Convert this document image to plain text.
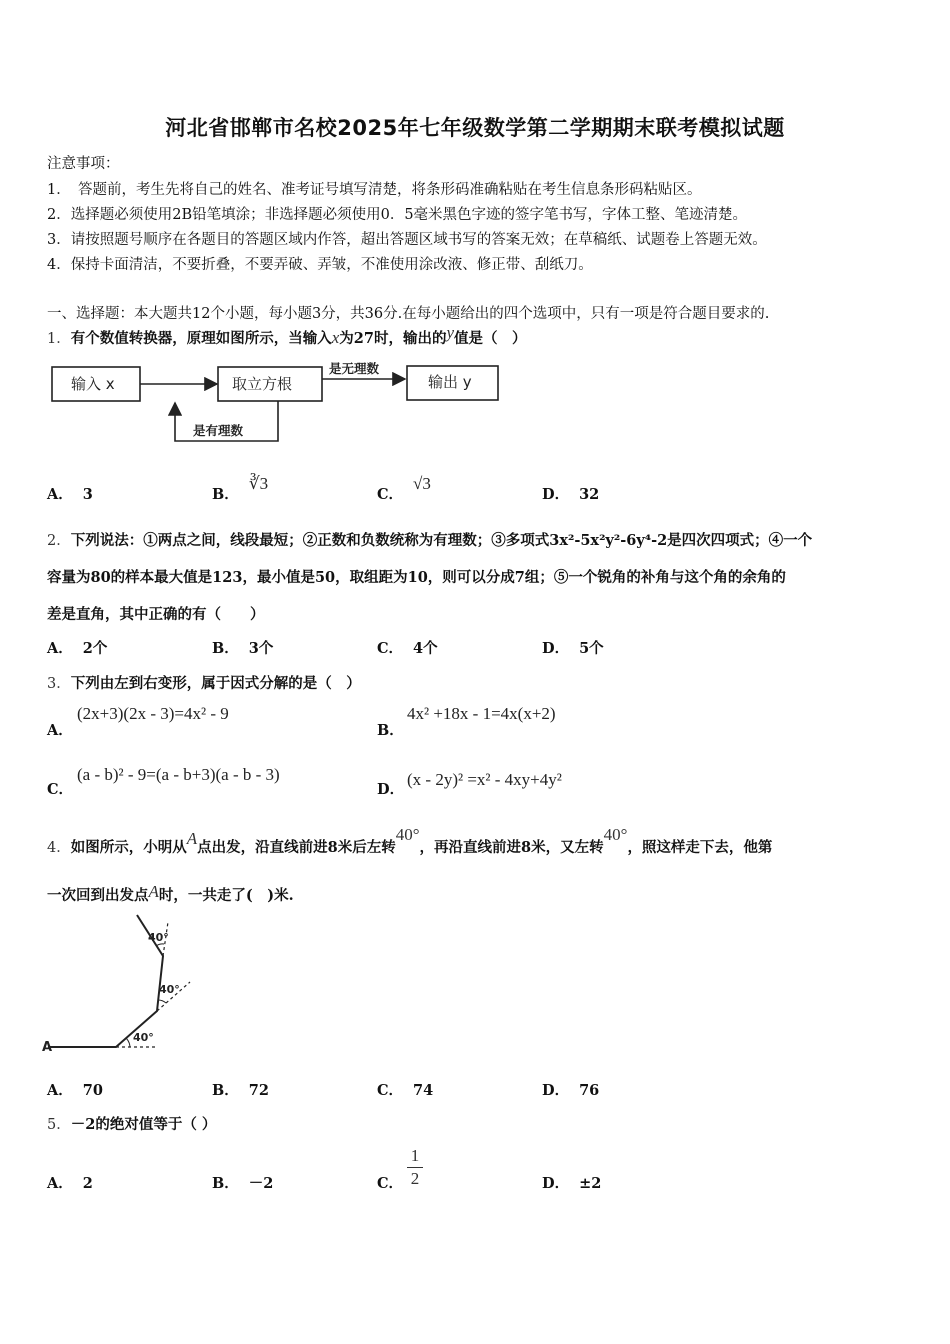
河北省邯郸市名校2025年七年级数学第二学期期末联考模拟试题
注意事项：
1．　答题前，考生先将自己的姓名、准考证号填写清楚，将条形码准确粘贴在考生信息条形码粘贴区。
2．选择题必须使用2B铅笔填涂；非选择题必须使用0．5毫米黑色字迹的签字笔书写，字体工整、笔迹清楚。
3．请按照题号顺序在各题目的答题区域内作答，超出答题区域书写的答案无效；在草稿纸、试题卷上答题无效。
4．保持卡面清洁，不要折叠，不要弄破、弄皱，不准使用涂改液、修正带、刮纸刀。
一、选择题：本大题共12个小题，每小题3分，共36分.在每小题给出的四个选项中，只有一项是符合题目要求的.
1．有个数值转换器，原理如图所示，当输入x为27时，输出的y值是（　）
输入 x	取立方根
是无理数
输出 y
是有理数
A． 3	B．∛3
C．√3
D． 32
2．下列说法：①两点之间，线段最短；②正数和负数统称为有理数；③多项式3x²-5x²y²-6y⁴-2是四次四项式；④一个
容量为80的样本最大值是123，最小值是50，取组距为10，则可以分成7组；⑤一个锐角的补角与这个角的余角的
差是直角，其中正确的有（　　）
A． 2个	B． 3个	C． 4个	D． 5个
3．下列由左到右变形，属于因式分解的是（　）
A．
(2x+3)(2x - 3)=4x² - 9
B．
4x² +18x - 1=4x(x+2)
C．
(a - b)² - 9=(a - b+3)(a - b - 3)
D．
(x - 2y)² =x² - 4xy+4y²
4．如图所示，小明从A点出发，沿直线前进8米后左转40°，再沿直线前进8米，又左转40°，照这样走下去，他第
一次回到出发点A时，一共走了(　)米.
A
40°
40°
40°
A． 70	B． 72	C． 74	D． 76
5．－2的绝对值等于（ ）
A． 2	B． －2	C．
1
2	D． ±2
